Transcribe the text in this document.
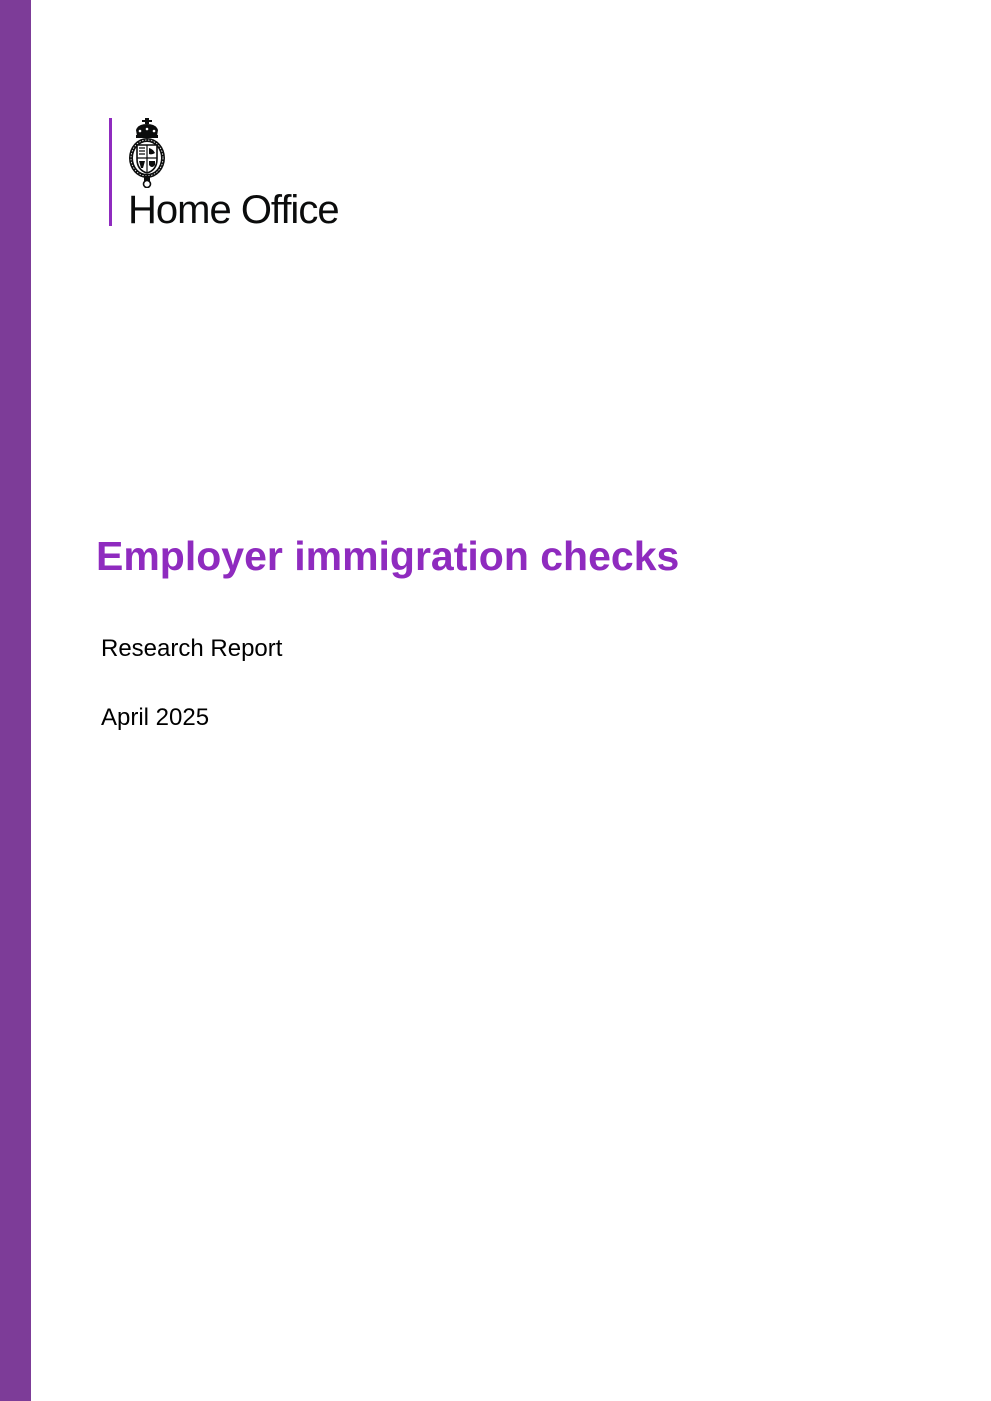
Home Office
Employer immigration checks

Research Report

April 2025
